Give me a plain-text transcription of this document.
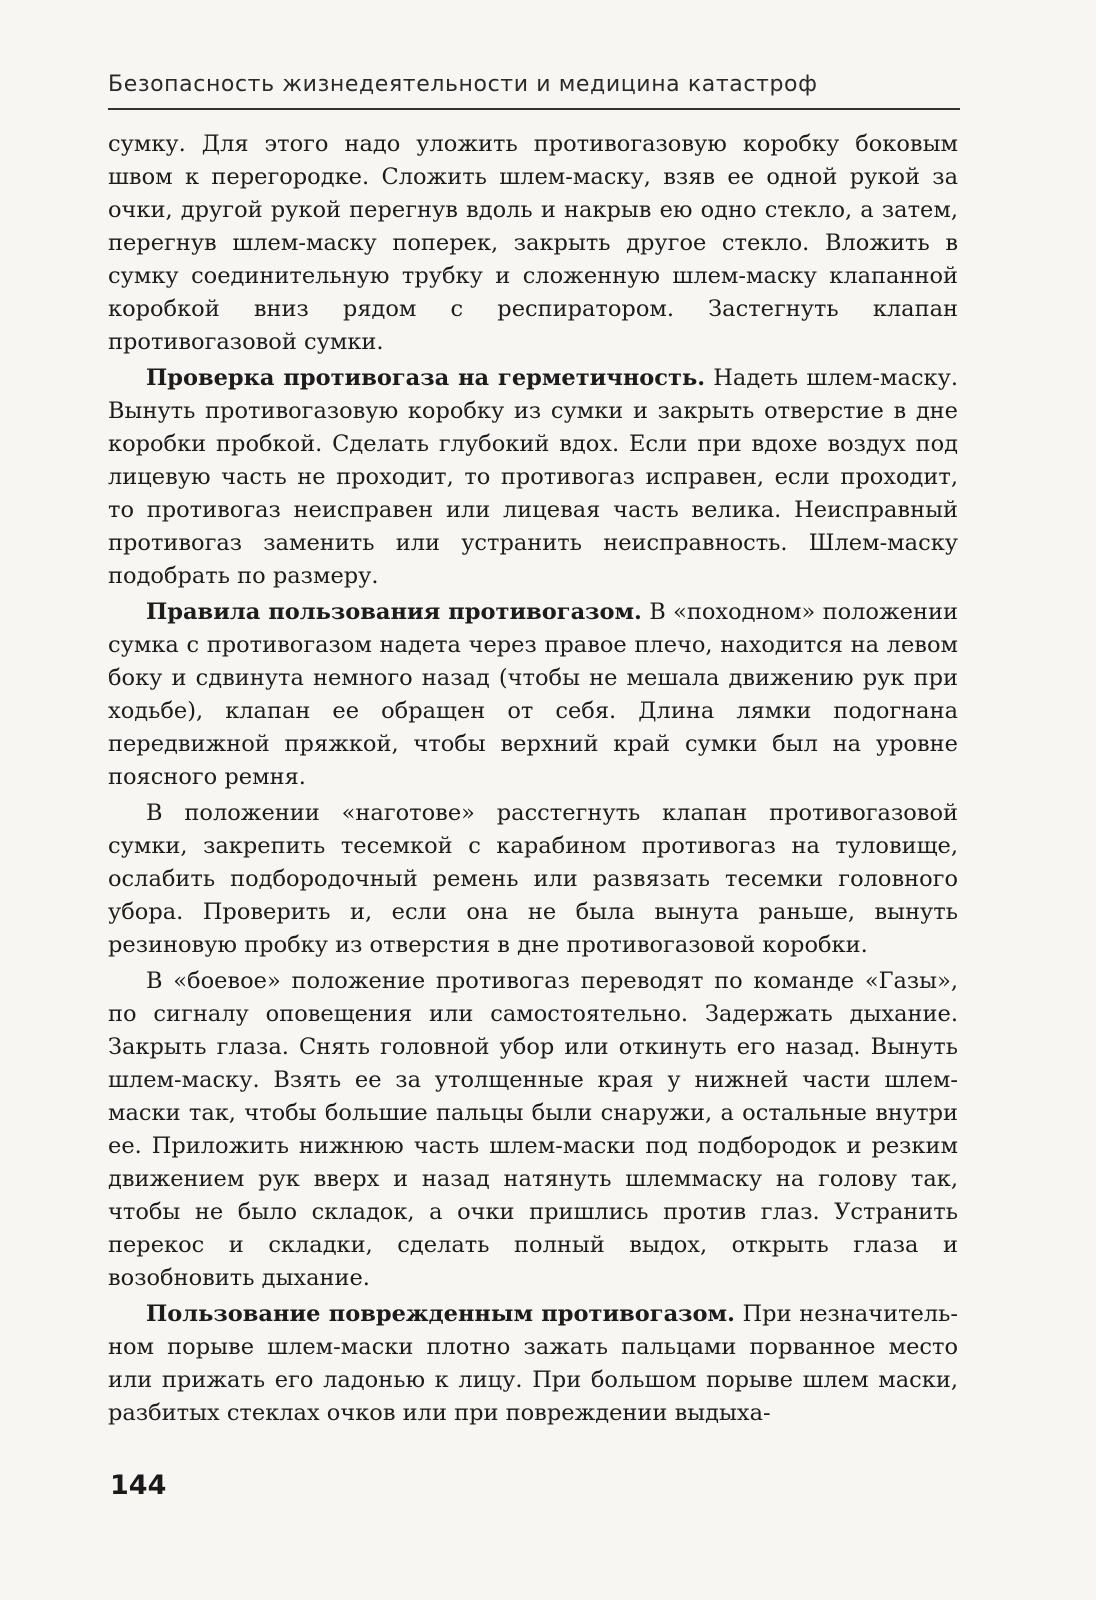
Безопасность жизнедеятельности и медицина катастроф

сумку. Для этого надо уложить противогазовую коробку боковым швом к перегородке. Сложить шлем-маску, взяв ее одной рукой за очки, другой рукой перегнув вдоль и накрыв ею одно стекло, а затем, перегнув шлем-маску поперек, закрыть другое стекло. Вложить в сумку соединительную трубку и сложенную шлем-маску клапанной коробкой вниз рядом с респиратором. Застегнуть клапан противогазовой сумки.

Проверка противогаза на герметичность. Надеть шлем-маску. Вынуть противогазовую коробку из сумки и закрыть отверстие в дне коробки пробкой. Сделать глубокий вдох. Если при вдохе воздух под лицевую часть не проходит, то противогаз исправен, если проходит, то противогаз неисправен или лицевая часть велика. Неисправный противогаз заменить или устранить неисправность. Шлем-маску подобрать по размеру.

Правила пользования противогазом. В «походном» положении сумка с противогазом надета через правое плечо, находится на левом боку и сдвинута немного назад (чтобы не мешала движению рук при ходьбе), клапан ее обращен от себя. Длина лямки подогнана передвижной пряжкой, чтобы верхний край сумки был на уровне поясного ремня.

В положении «наготове» расстегнуть клапан противогазовой сумки, закрепить тесемкой с карабином противогаз на туловище, ослабить подбородочный ремень или развязать тесемки головного убора. Проверить и, если она не была вынута раньше, вынуть резиновую пробку из отверстия в дне противогазовой коробки.

В «боевое» положение противогаз переводят по команде «Газы», по сигналу оповещения или самостоятельно. Задержать дыхание. Закрыть глаза. Снять головной убор или откинуть его назад. Вынуть шлем-маску. Взять ее за утолщенные края у нижней части шлем-маски так, чтобы большие пальцы были снаружи, а остальные внутри ее. Приложить нижнюю часть шлем-маски под подбородок и резким движением рук вверх и назад натянуть шлеммаску на голову так, чтобы не было складок, а очки пришлись против глаз. Устранить перекос и складки, сделать полный выдох, открыть глаза и возобновить дыхание.

Пользование поврежденным противогазом. При незначительном порыве шлем-маски плотно зажать пальцами порванное место или прижать его ладонью к лицу. При большом порыве шлем маски, разбитых стеклах очков или при повреждении выдыха-

144
